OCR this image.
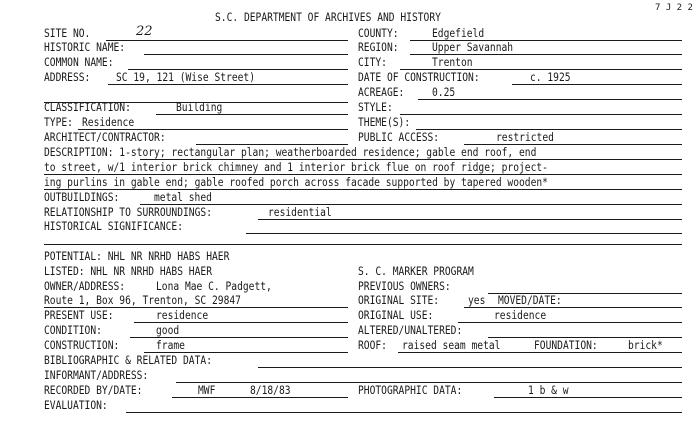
S.C. DEPARTMENT OF ARCHIVES AND HISTORY
7 J 2 2
SITE NO.	22	COUNTY:	Edgefield
HISTORIC NAME:	REGION:	Upper Savannah
COMMON NAME:	CITY:	Trenton
ADDRESS: SC 19, 121 (Wise Street)	DATE OF CONSTRUCTION:	c. 1925
ACREAGE: 0.25
CLASSIFICATION:	Building	STYLE:
TYPE: Residence	THEME(S):
ARCHITECT/CONTRACTOR:	PUBLIC ACCESS:	restricted
DESCRIPTION: 1-story; rectangular plan; weatherboarded residence; gable end roof, end
to street, w/1 interior brick chimney and 1 interior brick flue on roof ridge; project-
ing purlins in gable end; gable roofed porch across facade supported by tapered wooden*
OUTBUILDINGS:	metal shed
RELATIONSHIP TO SURROUNDINGS:	residential
HISTORICAL SIGNIFICANCE:
POTENTIAL: NHL NR NRHD HABS HAER
LISTED: NHL NR NRHD HABS HAER	S. C. MARKER PROGRAM
OWNER/ADDRESS:	Lona Mae C. Padgett,
Route 1, Box 96, Trenton, SC 29847
PREVIOUS OWNERS:
ORIGINAL SITE:	yes MOVED/DATE:
PRESENT USE:	residence	ORIGINAL USE:	residence
CONDITION:	good	ALTERED/UNALTERED:
CONSTRUCTION:	frame	ROOF: raised seam metal	FOUNDATION:	brick*
BIBLIOGRAPHIC & RELATED DATA:
INFORMANT/ADDRESS:
RECORDED BY/DATE:	MWF	8/18/83	PHOTOGRAPHIC DATA:	1 b & w
EVALUATION:
